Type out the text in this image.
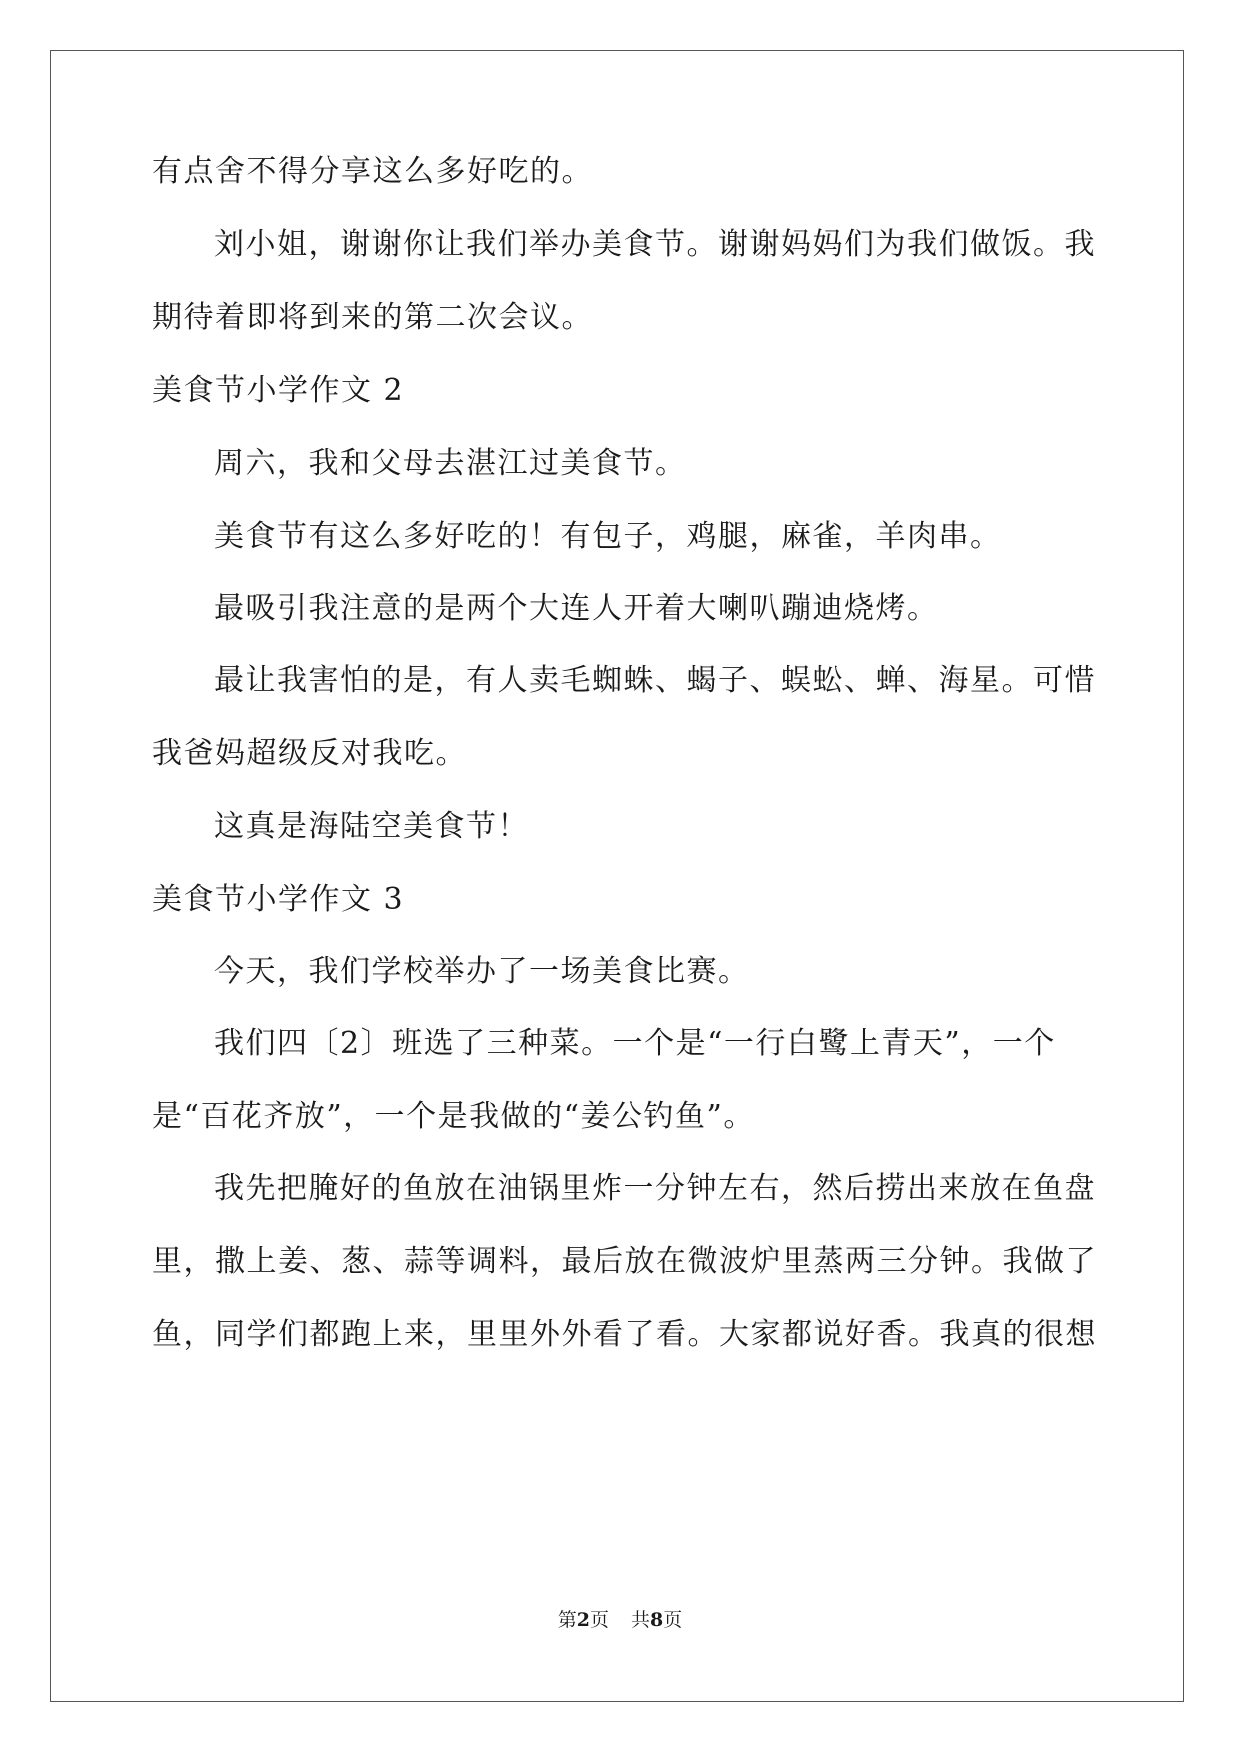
有点舍不得分享这么多好吃的。
刘小姐，谢谢你让我们举办美食节。谢谢妈妈们为我们做饭。我
期待着即将到来的第二次会议。
美食节小学作文 2
周六，我和父母去湛江过美食节。
美食节有这么多好吃的！有包子，鸡腿，麻雀，羊肉串。
最吸引我注意的是两个大连人开着大喇叭蹦迪烧烤。
最让我害怕的是，有人卖毛蜘蛛、蝎子、蜈蚣、蝉、海星。可惜
我爸妈超级反对我吃。
这真是海陆空美食节！
美食节小学作文 3
今天，我们学校举办了一场美食比赛。
我们四〔2〕班选了三种菜。一个是“一行白鹭上青天”，一个
是“百花齐放”，一个是我做的“姜公钓鱼”。
我先把腌好的鱼放在油锅里炸一分钟左右，然后捞出来放在鱼盘
里，撒上姜、葱、蒜等调料，最后放在微波炉里蒸两三分钟。我做了
鱼，同学们都跑上来，里里外外看了看。大家都说好香。我真的很想
第2页 共8页
